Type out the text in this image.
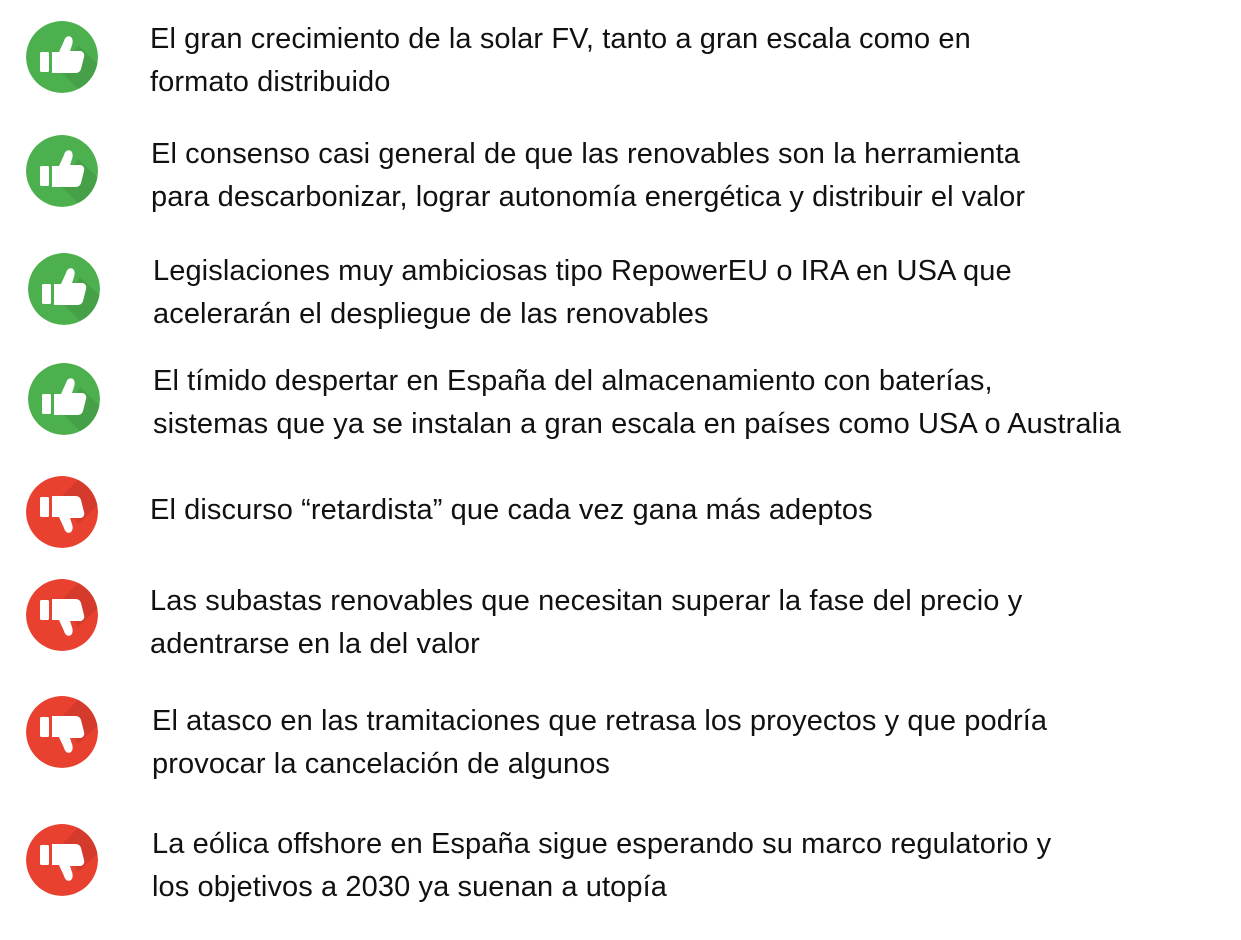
El gran crecimiento de la solar FV, tanto a gran escala como en
formato distribuido
El consenso casi general de que las renovables son la herramienta
para descarbonizar, lograr autonomía energética y distribuir el valor
Legislaciones muy ambiciosas tipo RepowerEU o IRA en USA que
acelerarán el despliegue de las renovables
El tímido despertar en España del almacenamiento con baterías,
sistemas que ya se instalan a gran escala en países como USA o Australia
El discurso “retardista” que cada vez gana más adeptos
Las subastas renovables que necesitan superar la fase del precio y
adentrarse en la del valor
El atasco en las tramitaciones que retrasa los proyectos y que podría
provocar la cancelación de algunos
La eólica offshore en España sigue esperando su marco regulatorio y
los objetivos a 2030 ya suenan a utopía
